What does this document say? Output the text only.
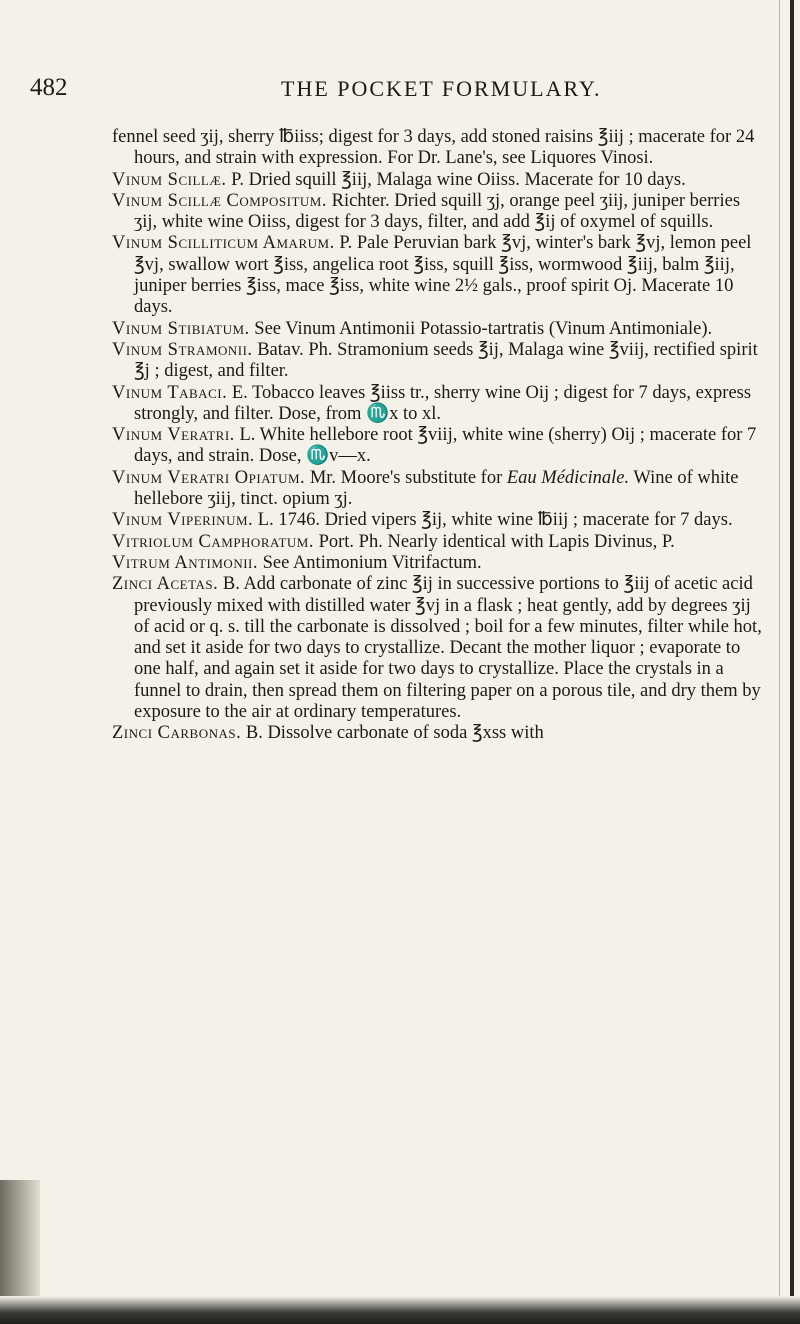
482	THE POCKET FORMULARY.

fennel seed ʒij, sherry ℔iiss; digest for 3 days, add stoned raisins ℥iij ; macerate for 24 hours, and strain with expression. For Dr. Lane's, see Liquores Vinosi.

Vinum Scillæ. P. Dried squill ℥iij, Malaga wine Oiiss. Macerate for 10 days.

Vinum Scillæ Compositum. Richter. Dried squill ʒj, orange peel ʒiij, juniper berries ʒij, white wine Oiiss, digest for 3 days, filter, and add ℥ij of oxymel of squills.

Vinum Scilliticum Amarum. P. Pale Peruvian bark ℥vj, winter's bark ℥vj, lemon peel ℥vj, swallow wort ℥iss, angelica root ℥iss, squill ℥iss, wormwood ℥iij, balm ℥iij, juniper berries ℥iss, mace ℥iss, white wine 2½ gals., proof spirit Oj. Macerate 10 days.

Vinum Stibiatum. See Vinum Antimonii Potassio-tartratis (Vinum Antimoniale).

Vinum Stramonii. Batav. Ph. Stramonium seeds ℥ij, Malaga wine ℥viij, rectified spirit ℥j ; digest, and filter.

Vinum Tabaci. E. Tobacco leaves ℥iiss tr., sherry wine Oij ; digest for 7 days, express strongly, and filter. Dose, from ♏x to xl.

Vinum Veratri. L. White hellebore root ℥viij, white wine (sherry) Oij ; macerate for 7 days, and strain. Dose, ♏v—x.

Vinum Veratri Opiatum. Mr. Moore's substitute for Eau Médicinale. Wine of white hellebore ʒiij, tinct. opium ʒj.

Vinum Viperinum. L. 1746. Dried vipers ℥ij, white wine ℔iij ; macerate for 7 days.

Vitriolum Camphoratum. Port. Ph. Nearly identical with Lapis Divinus, P.

Vitrum Antimonii. See Antimonium Vitrifactum.

Zinci Acetas. B. Add carbonate of zinc ℥ij in successive portions to ℥iij of acetic acid previously mixed with distilled water ℥vj in a flask ; heat gently, add by degrees ʒij of acid or q. s. till the carbonate is dissolved ; boil for a few minutes, filter while hot, and set it aside for two days to crystallize. Decant the mother liquor ; evaporate to one half, and again set it aside for two days to crystallize. Place the crystals in a funnel to drain, then spread them on filtering paper on a porous tile, and dry them by exposure to the air at ordinary temperatures.

Zinci Carbonas. B. Dissolve carbonate of soda ℥xss with
